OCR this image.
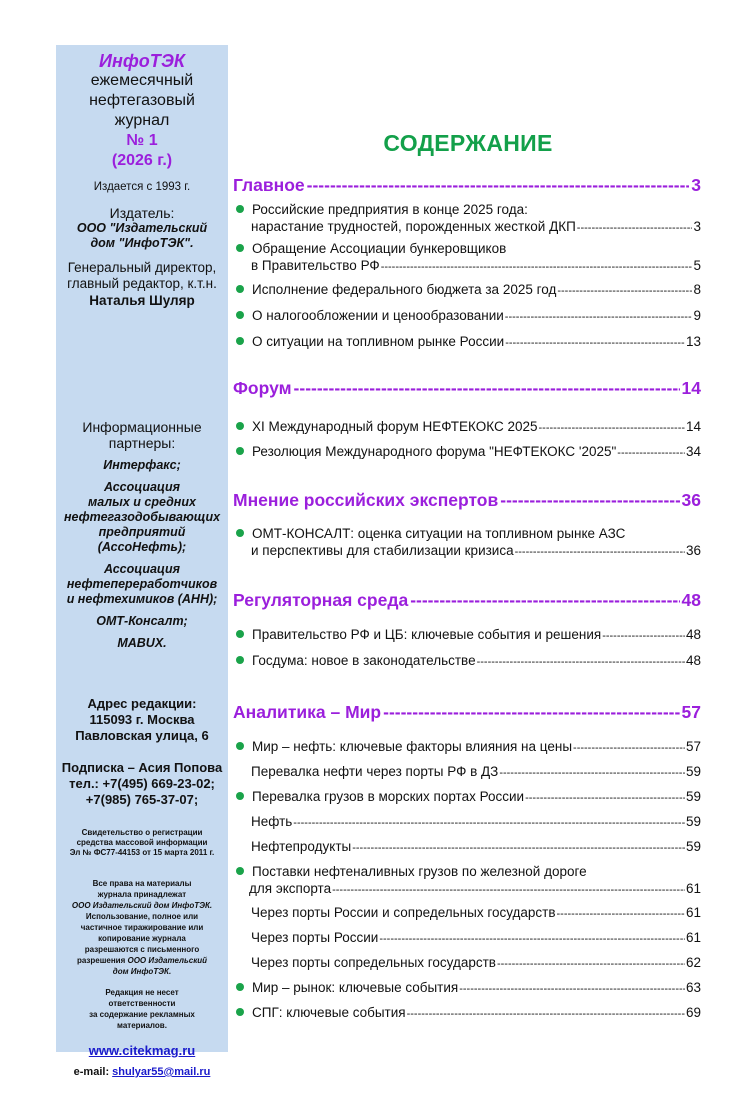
ИнфоТЭК
ежемесячный
нефтегазовый
журнал
№ 1
(2026 г.)
Издается с 1993 г.
Издатель:
ООО "Издательский
дом "ИнфоТЭК".
Генеральный директор,
главный редактор, к.т.н.
Наталья Шуляр
Информационные
партнеры:
Интерфакс;
Ассоциация
малых и средних
нефтегазодобывающих
предприятий
(АссоНефть);
Ассоциация
нефтепереработчиков
и нефтехимиков (АНН);
ОМТ-Консалт;
MABUX.
Адрес редакции:
115093 г. Москва
Павловская улица, 6
Подписка – Асия Попова
тел.: +7(495) 669-23-02;
+7(985) 765-37-07;
Свидетельство о регистрации
средства массовой информации
Эл № ФС77-44153 от 15 марта 2011 г.
Все права на материалы
журнала принадлежат
ООО Издательский дом ИнфоТЭК.
Использование, полное или
частичное тиражирование или
копирование журнала
разрешаются с письменного
разрешения ООО Издательский
дом ИнфоТЭК.
Редакция не несет
ответственности
за содержание рекламных
материалов.
www.citekmag.ru
e-mail: shulyar55@mail.ru
СОДЕРЖАНИЕ
Главное -----	3
Российские предприятия в конце 2025 года:
нарастание трудностей, порожденных жесткой ДКП -----	3
Обращение Ассоциации бункеровщиков
в Правительство РФ -----	5
Исполнение федерального бюджета за 2025 год -----	8
О налогообложении и ценообразовании -----	9
О ситуации на топливном рынке России -----	13
Форум -----	14
XI Международный форум НЕФТЕКОКС 2025 -----	14
Резолюция Международного форума "НЕФТЕКОКС '2025" -----	34
Мнение российских экспертов -----	36
ОМТ-КОНСАЛТ: оценка ситуации на топливном рынке АЗС
и перспективы для стабилизации кризиса -----	36
Регуляторная среда -----	48
Правительство РФ и ЦБ: ключевые события и решения -----	48
Госдума: новое в законодательстве -----	48
Аналитика – Мир -----	57
Мир – нефть: ключевые факторы влияния на цены -----	57
Перевалка нефти через порты РФ в ДЗ -----	59
Перевалка грузов в морских портах России -----	59
Нефть -----	59
Нефтепродукты -----	59
Поставки нефтеналивных грузов по железной дороге
для экспорта -----	61
Через порты России и сопредельных государств -----	61
Через порты России -----	61
Через порты сопредельных государств -----	62
Мир – рынок: ключевые события -----	63
СПГ: ключевые события -----	69
